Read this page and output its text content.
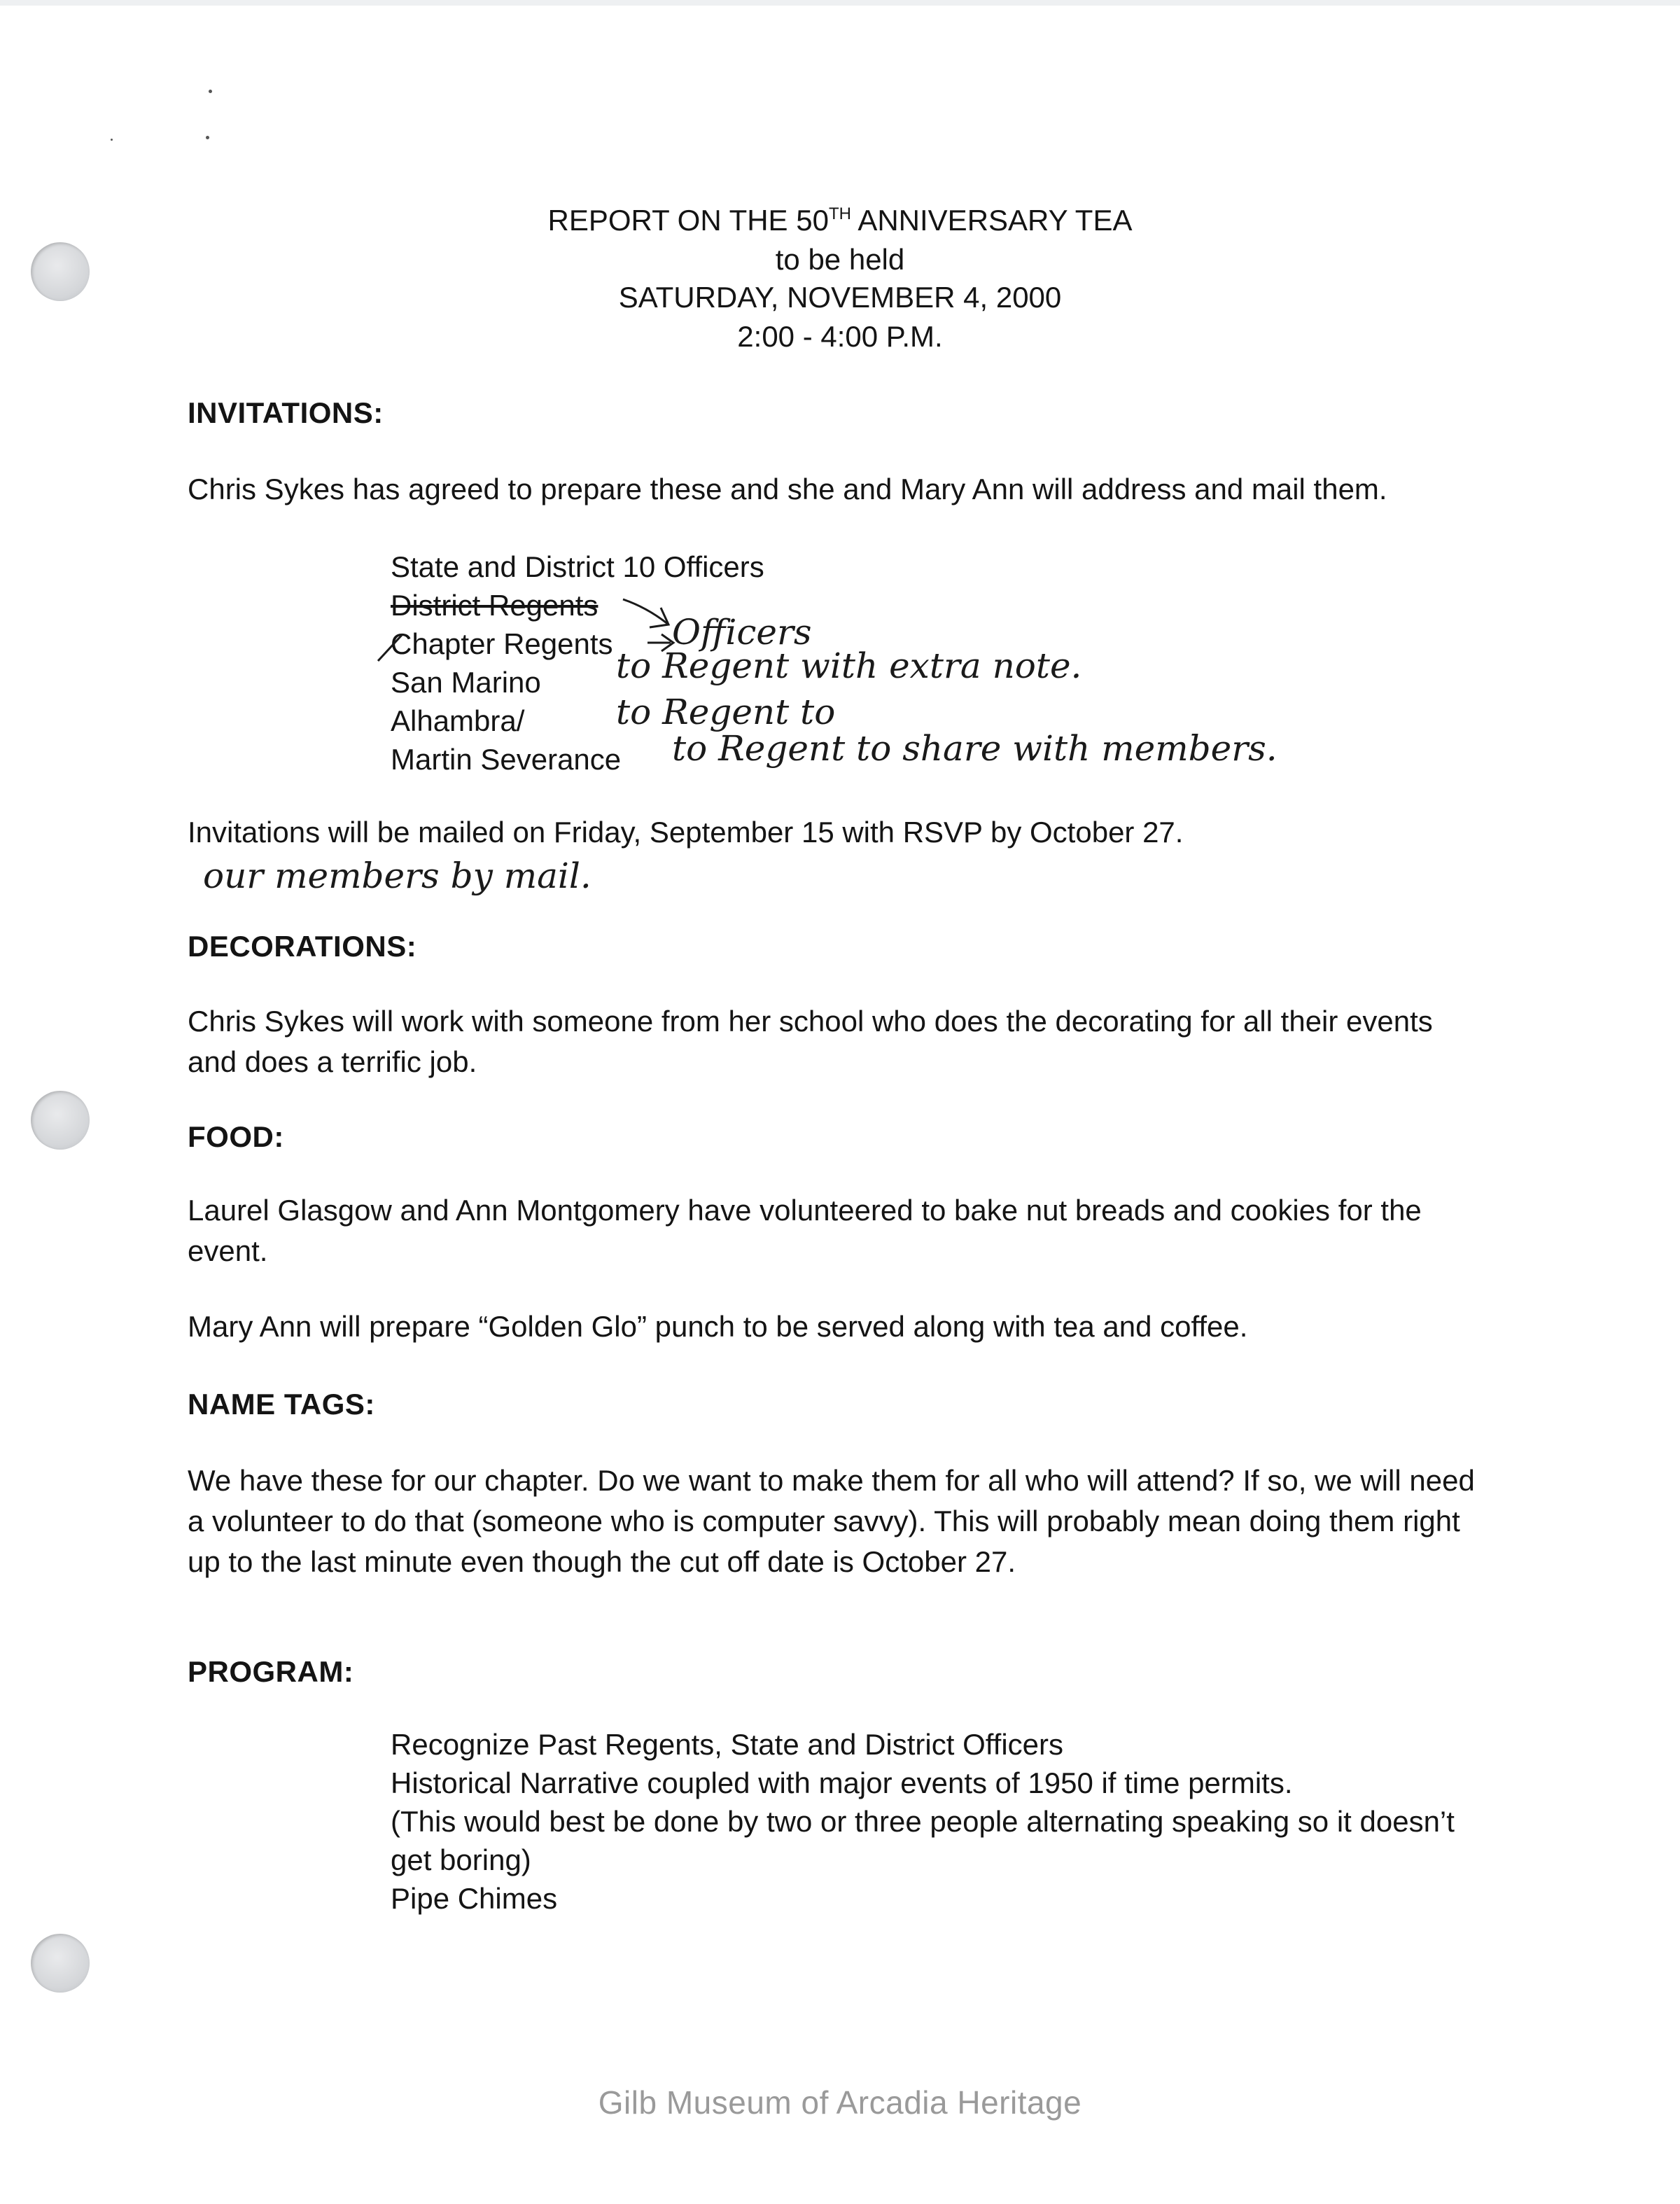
REPORT ON THE 50TH ANNIVERSARY TEA
to be held
SATURDAY, NOVEMBER 4, 2000
2:00 - 4:00 P.M.
INVITATIONS:
Chris Sykes has agreed to prepare these and she and Mary Ann will address and mail them.
State and District 10 Officers
District Regents
Chapter Regents
San Marino
Alhambra/
Martin Severance
Officers
to Regent with extra note.
to Regent to
to Regent to share with members.
Invitations will be mailed on Friday, September 15 with RSVP by October 27.
our members by mail.
DECORATIONS:
Chris Sykes will work with someone from her school who does the decorating for all their events and does a terrific job.
FOOD:
Laurel Glasgow and Ann Montgomery have volunteered to bake nut breads and cookies for the event.
Mary Ann will prepare “Golden Glo” punch to be served along with tea and coffee.
NAME TAGS:
We have these for our chapter. Do we want to make them for all who will attend? If so, we will need a volunteer to do that (someone who is computer savvy). This will probably mean doing them right up to the last minute even though the cut off date is October 27.
PROGRAM:
Recognize Past Regents, State and District Officers
Historical Narrative coupled with major events of 1950 if time permits.
(This would best be done by two or three people alternating speaking so it doesn’t get boring)
Pipe Chimes
Gilb Museum of Arcadia Heritage
